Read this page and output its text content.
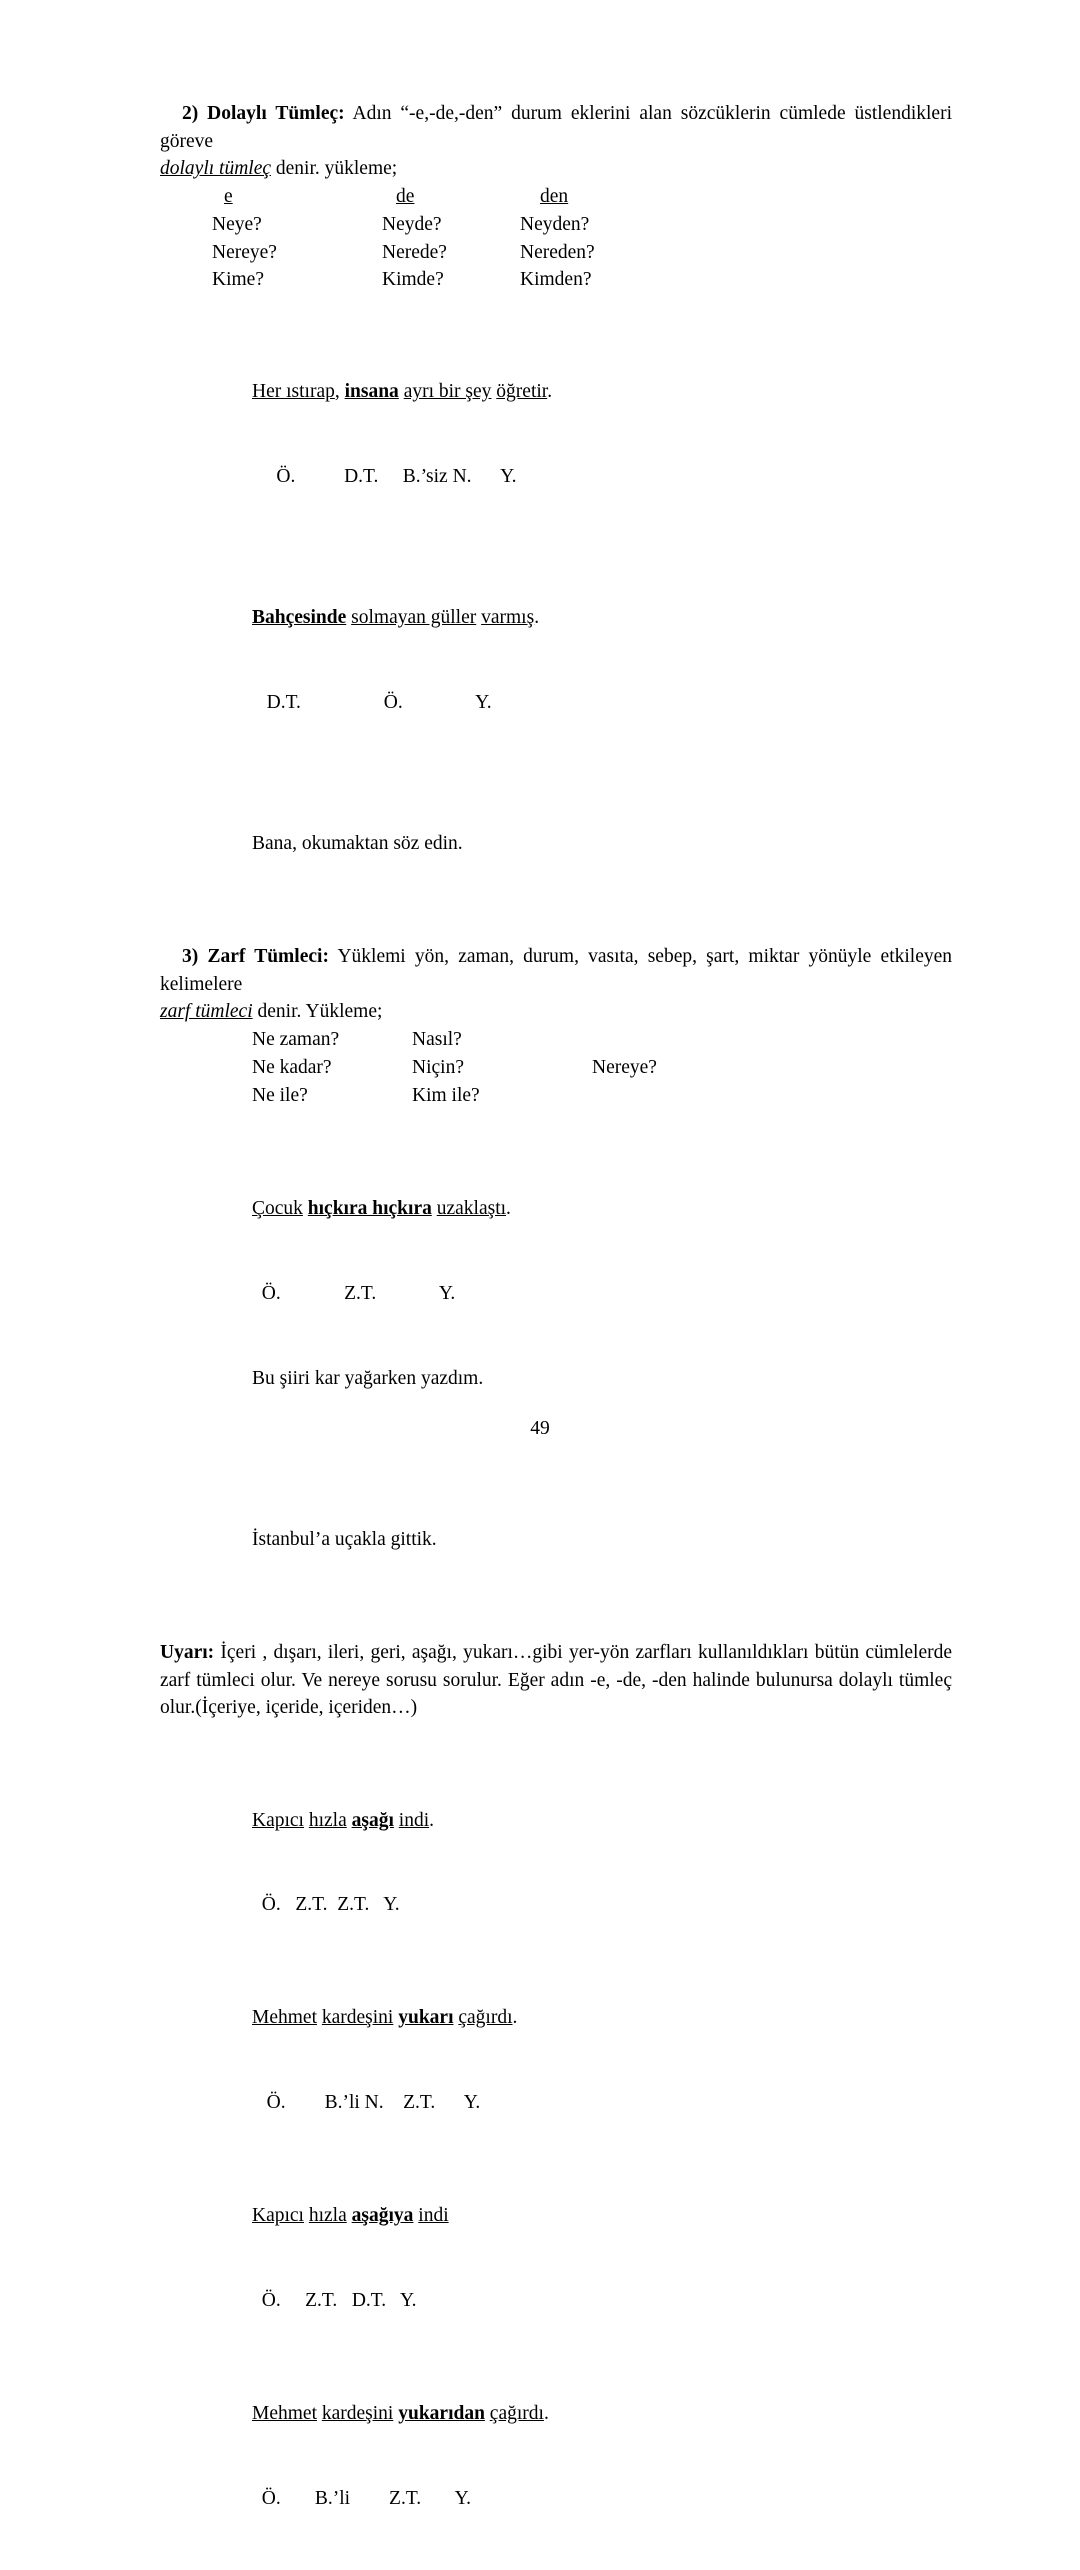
2) Dolaylı Tümleç: Adın “-e,-de,-den” durum eklerini alan sözcüklerin cümlede üstlendikleri göreve
dolaylı tümleç denir. yükleme;

e	de	den
Neye?	Neyde?	Neyden?
Nereye?	Nerede?	Nereden?
Kime?	Kimde?	Kimden?

Her ıstırap, insana ayrı bir şey öğretir.

Ö.          D.T.     B.’siz N.      Y.

Bahçesinde solmayan güller varmış.

D.T.                 Ö.               Y.

Bana, okumaktan söz edin.

3) Zarf Tümleci: Yüklemi yön, zaman, durum, vasıta, sebep, şart, miktar yönüyle etkileyen kelimelere
zarf tümleci denir. Yükleme;

Ne zaman?	Nasıl?
Ne kadar?	Niçin?	Nereye?
Ne ile?	Kim ile?

Çocuk hıçkıra hıçkıra uzaklaştı.

Ö.             Z.T.             Y.

Bu şiiri kar yağarken yazdım.

İstanbul’a uçakla gittik.

Uyarı: İçeri , dışarı, ileri, geri, aşağı, yukarı…gibi yer-yön zarfları kullanıldıkları bütün cümlelerde zarf tümleci olur. Ve nereye sorusu sorulur. Eğer adın -e, -de, -den halinde bulunursa dolaylı tümleç olur.(İçeriye, içeride, içeriden…)

Kapıcı hızla aşağı indi.

Ö.   Z.T.  Z.T.   Y.

Mehmet kardeşini yukarı çağırdı.

Ö.        B.’li N.    Z.T.      Y.

Kapıcı hızla aşağıya indi

Ö.     Z.T.   D.T.   Y.

Mehmet kardeşini yukarıdan çağırdı.

Ö.       B.’li        Z.T.       Y.

49
